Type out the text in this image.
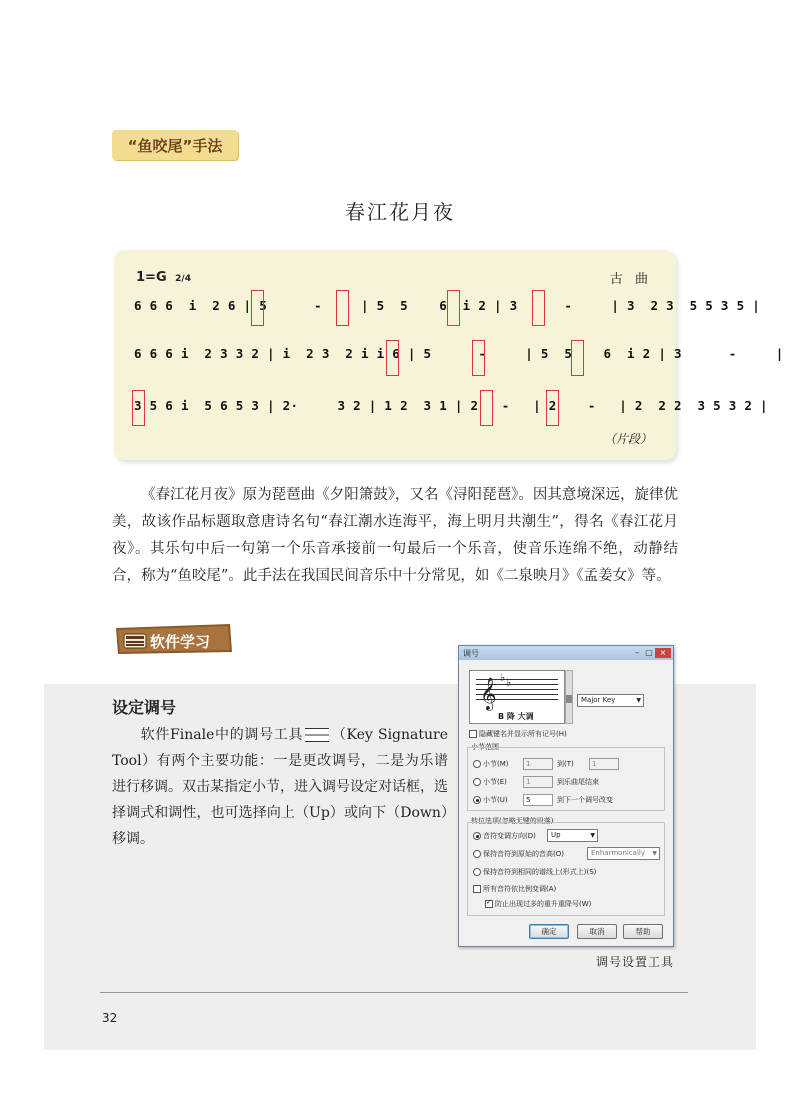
“鱼咬尾”手法
春江花月夜
1=G 2/4	古 曲
6 6 6  i  2 6 | 5      -     | 5  5    6  i 2 | 3      -     | 3  2 3  5 5 3 5 |
6 6 6 i  2 3 3 2 | i  2 3  2 i i 6 | 5      -     | 5  5    6  i 2 | 3      -     |
3 5 6 i  5 6 5 3 | 2·     3 2 | 1 2  3 1 | 2   -   | 2    -   | 2  2 2  3 5 3 2 |
（片段）
《春江花月夜》原为琵琶曲《夕阳箫鼓》，又名《浔阳琵琶》。因其意境深远，旋律优美，故该作品标题取意唐诗名句“春江潮水连海平，海上明月共潮生”，得名《春江花月夜》。其乐句中后一句第一个乐音承接前一句最后一个乐音，使音乐连绵不绝，动静结合，称为“鱼咬尾”。此手法在我国民间音乐中十分常见，如《二泉映月》《孟姜女》等。
软件学习
设定调号
软件Finale中的调号工具 （Key Signature Tool）有两个主要功能：一是更改调号，二是为乐谱进行移调。双击某指定小节，进入调号设定对话框，选择调式和调性，也可选择向上（Up）或向下（Down）移调。
调号	– □ ×
𝄞 ♭ ♭
B 降 大调
Major Key	▼
隐藏键名并显示所有记号(H)
小节范围
小节(M)	1	到(T)	1
小节(E)	1	到乐曲尾结束
小节(U)	5	到下一个调号改变
转位选项(忽略无键的段落)
音符变调方向(D)	Up	▼
保持音符到原始的音高(O)	Enharmonically ▼
保持音符到相同的谱线上(形式上)(S)
所有音符依比例变调(A)
✓ 防止出现过多的重升重降号(W)
确定	取消	帮助
调号设置工具
32
